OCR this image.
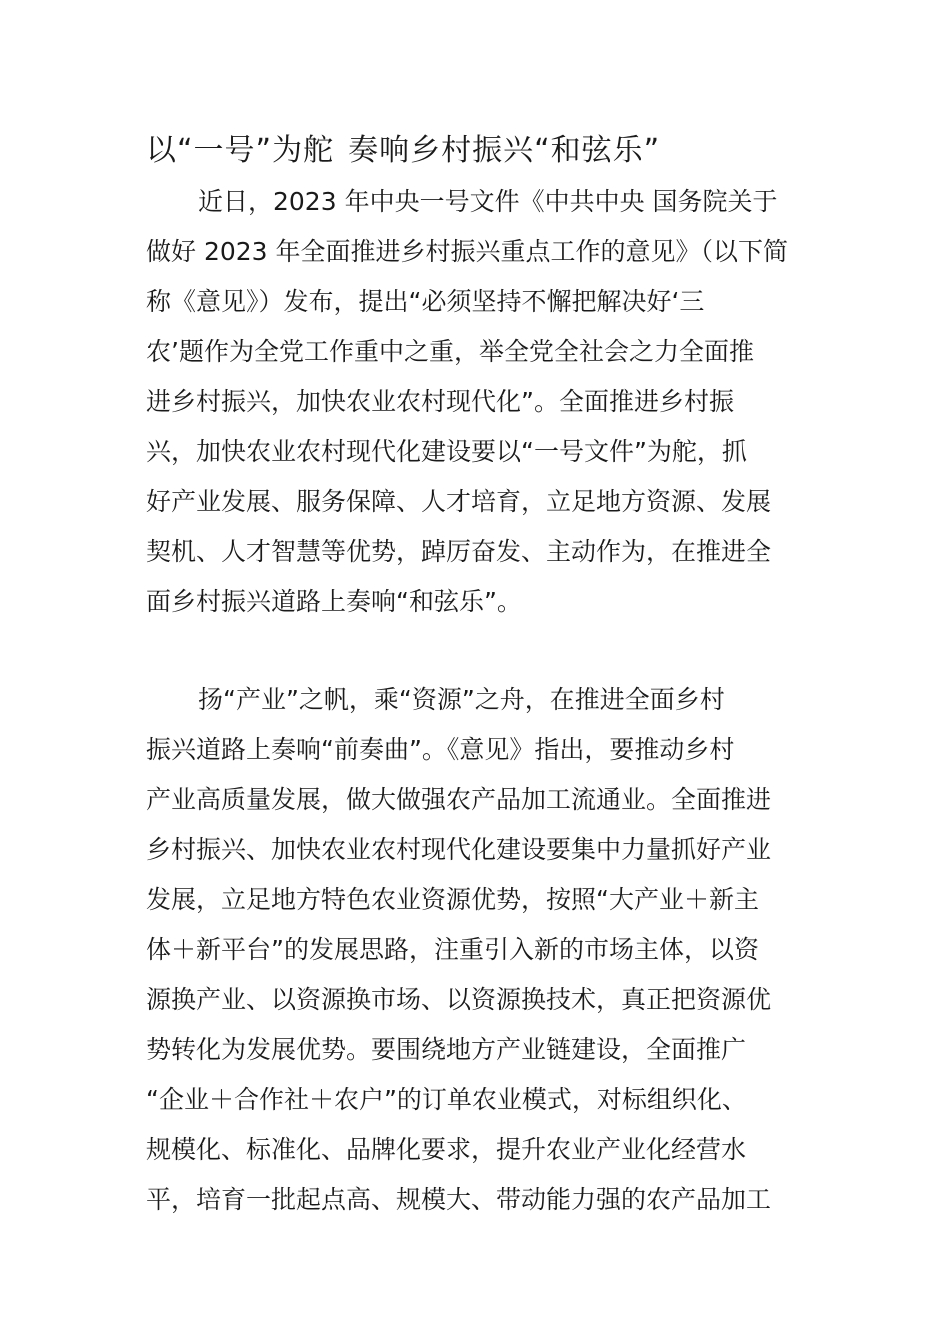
以“一号”为舵 奏响乡村振兴“和弦乐”
近日，2023 年中央一号文件《中共中央 国务院关于
做好 2023 年全面推进乡村振兴重点工作的意见》（以下简
称《意见》）发布，提出“必须坚持不懈把解决好‘三
农’题作为全党工作重中之重，举全党全社会之力全面推
进乡村振兴，加快农业农村现代化”。全面推进乡村振
兴，加快农业农村现代化建设要以“一号文件”为舵，抓
好产业发展、服务保障、人才培育，立足地方资源、发展
契机、人才智慧等优势，踔厉奋发、主动作为，在推进全
面乡村振兴道路上奏响“和弦乐”。
扬“产业”之帆，乘“资源”之舟，在推进全面乡村
振兴道路上奏响“前奏曲”。《意见》指出，要推动乡村
产业高质量发展，做大做强农产品加工流通业。全面推进
乡村振兴、加快农业农村现代化建设要集中力量抓好产业
发展，立足地方特色农业资源优势，按照“大产业＋新主
体＋新平台”的发展思路，注重引入新的市场主体，以资
源换产业、以资源换市场、以资源换技术，真正把资源优
势转化为发展优势。要围绕地方产业链建设，全面推广
“企业＋合作社＋农户”的订单农业模式，对标组织化、
规模化、标准化、品牌化要求，提升农业产业化经营水
平，培育一批起点高、规模大、带动能力强的农产品加工
